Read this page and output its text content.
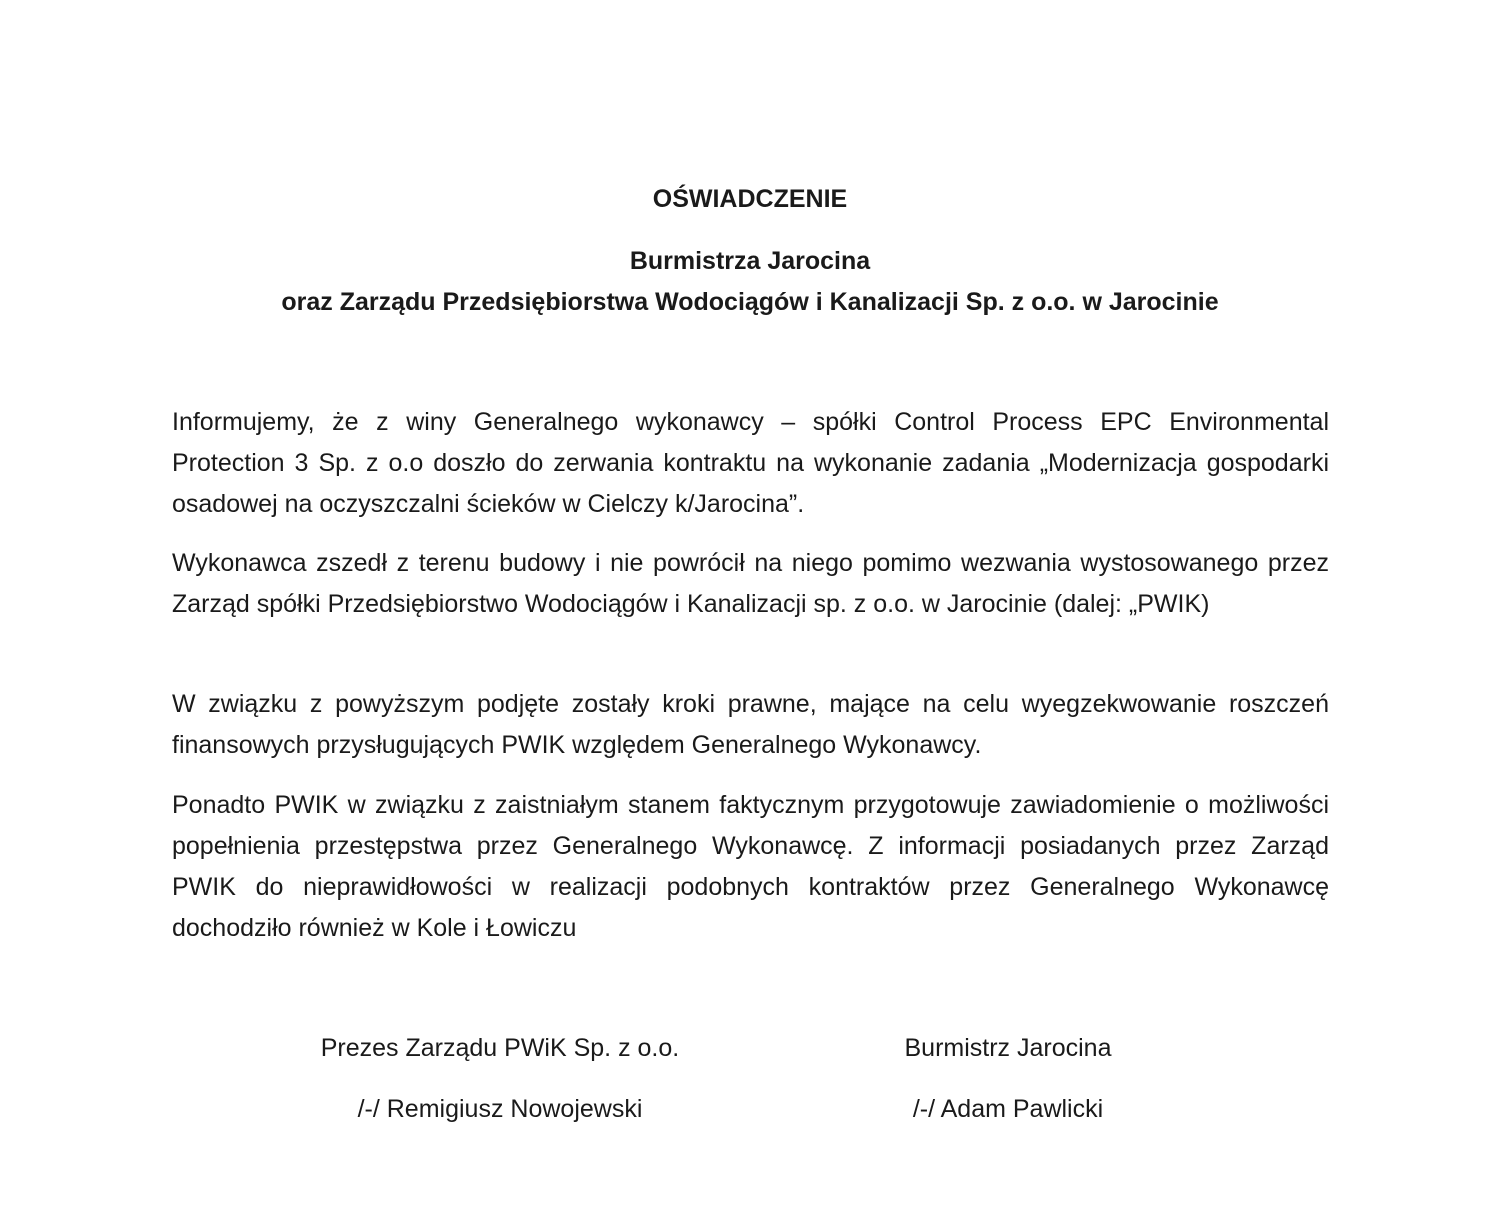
OŚWIADCZENIE
Burmistrza Jarocina
oraz Zarządu Przedsiębiorstwa Wodociągów i Kanalizacji Sp. z o.o. w Jarocinie

Informujemy, że z winy Generalnego wykonawcy – spółki Control Process EPC Environmental Protection 3 Sp. z o.o doszło do zerwania kontraktu na wykonanie zadania „Modernizacja gospodarki osadowej na oczyszczalni ścieków w Cielczy k/Jarocina”.

Wykonawca zszedł z terenu budowy i nie powrócił na niego pomimo wezwania wystosowanego przez Zarząd spółki Przedsiębiorstwo Wodociągów i Kanalizacji sp. z o.o. w Jarocinie (dalej: „PWIK)

W związku z powyższym podjęte zostały kroki prawne, mające na celu wyegzekwowanie roszczeń finansowych przysługujących PWIK względem Generalnego Wykonawcy.

Ponadto PWIK w związku z zaistniałym stanem faktycznym przygotowuje zawiadomienie o możliwości popełnienia przestępstwa przez Generalnego Wykonawcę. Z informacji posiadanych przez Zarząd PWIK do nieprawidłowości w realizacji podobnych kontraktów przez Generalnego Wykonawcę dochodziło również w Kole i Łowiczu

Prezes Zarządu PWiK Sp. z o.o.
/-/ Remigiusz Nowojewski
Burmistrz Jarocina
/-/ Adam Pawlicki
